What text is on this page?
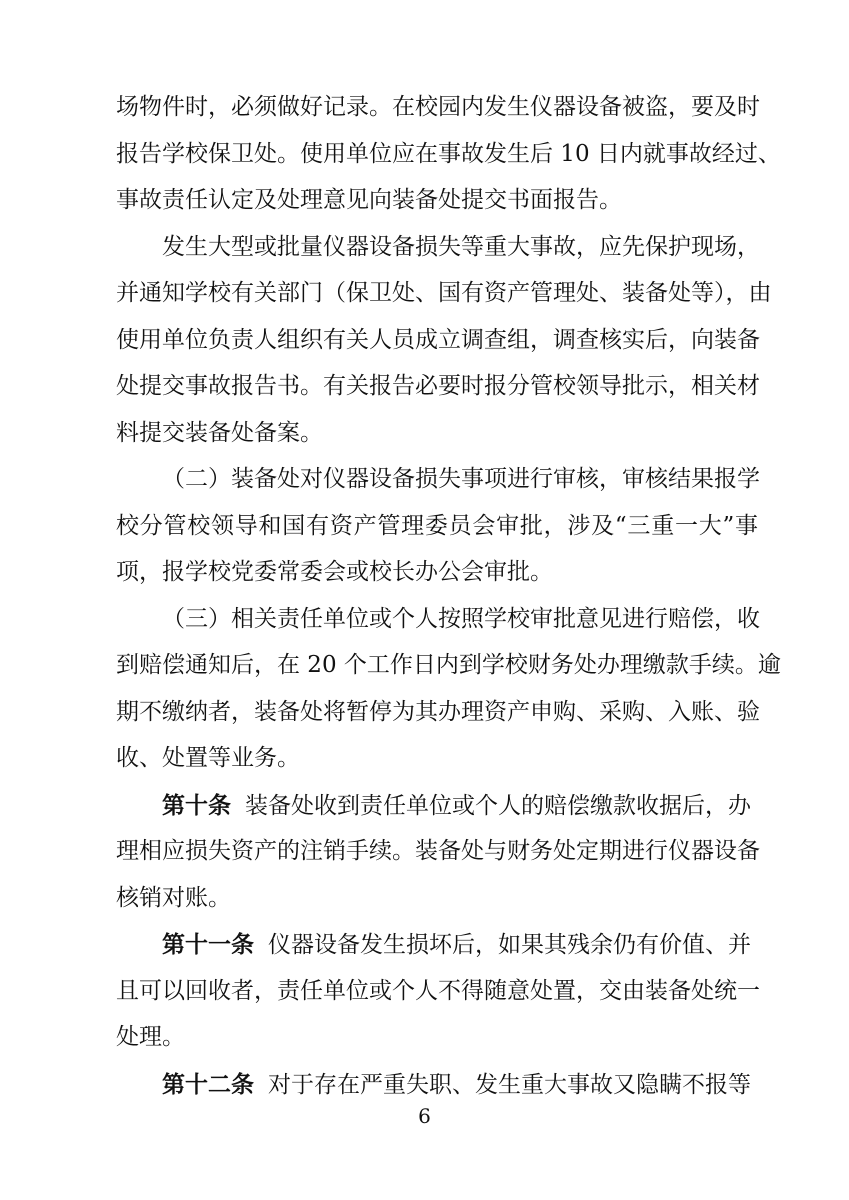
场物件时，必须做好记录。在校园内发生仪器设备被盗，要及时
报告学校保卫处。使用单位应在事故发生后 10 日内就事故经过、
事故责任认定及处理意见向装备处提交书面报告。
发生大型或批量仪器设备损失等重大事故，应先保护现场，
并通知学校有关部门（保卫处、国有资产管理处、装备处等），由
使用单位负责人组织有关人员成立调查组，调查核实后，向装备
处提交事故报告书。有关报告必要时报分管校领导批示，相关材
料提交装备处备案。
（二）装备处对仪器设备损失事项进行审核，审核结果报学
校分管校领导和国有资产管理委员会审批，涉及“三重一大”事
项，报学校党委常委会或校长办公会审批。
（三）相关责任单位或个人按照学校审批意见进行赔偿，收
到赔偿通知后，在 20 个工作日内到学校财务处办理缴款手续。逾
期不缴纳者，装备处将暂停为其办理资产申购、采购、入账、验
收、处置等业务。
第十条 装备处收到责任单位或个人的赔偿缴款收据后，办
理相应损失资产的注销手续。装备处与财务处定期进行仪器设备
核销对账。
第十一条 仪器设备发生损坏后，如果其残余仍有价值、并
且可以回收者，责任单位或个人不得随意处置，交由装备处统一
处理。
第十二条 对于存在严重失职、发生重大事故又隐瞒不报等
6
